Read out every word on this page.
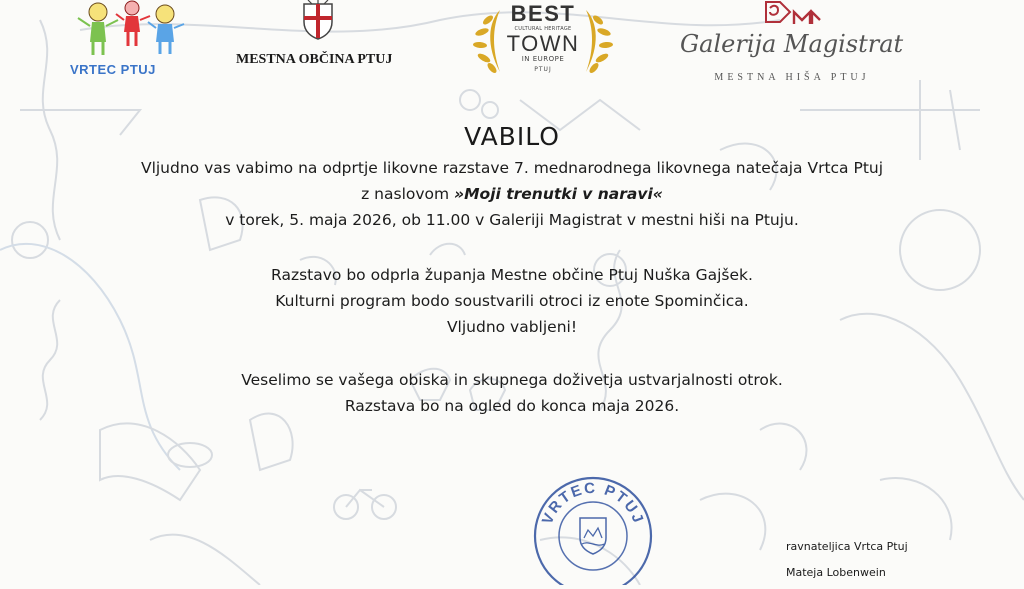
VRTEC PTUJ
MESTNA OBČINA PTUJ
BEST
CULTURAL HERITAGE
TOWN
IN EUROPE
PTUJ
Galerija Magistrat
MESTNA HIŠA PTUJ

VABILO

Vljudno vas vabimo na odprtje likovne razstave 7. mednarodnega likovnega natečaja Vrtca Ptuj

z naslovom »Moji trenutki v naravi«

v torek, 5. maja 2026, ob 11.00 v Galeriji Magistrat v mestni hiši na Ptuju.

Razstavo bo odprla županja Mestne občine Ptuj Nuška Gajšek.

Kulturni program bodo soustvarili otroci iz enote Spominčica.

Vljudno vabljeni!

Veselimo se vašega obiska in skupnega doživetja ustvarjalnosti otrok.

Razstava bo na ogled do konca maja 2026.

VRTEC PTUJ
ravnateljica Vrtca Ptuj
Mateja Lobenwein
